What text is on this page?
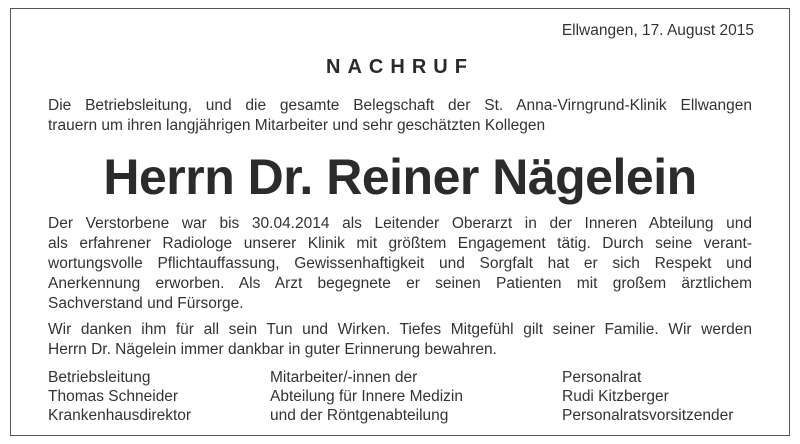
Ellwangen, 17. August 2015
NACHRUF
Die Betriebsleitung, und die gesamte Belegschaft der St. Anna-Virngrund-Klinik Ellwangen
trauern um ihren langjährigen Mitarbeiter und sehr geschätzten Kollegen
Herrn Dr. Reiner Nägelein
Der Verstorbene war bis 30.04.2014 als Leitender Oberarzt in der Inneren Abteilung und
als erfahrener Radiologe unserer Klinik mit größtem Engagement tätig. Durch seine verant-
wortungsvolle Pflichtauffassung, Gewissenhaftigkeit und Sorgfalt hat er sich Respekt und
Anerkennung erworben. Als Arzt begegnete er seinen Patienten mit großem ärztlichem
Sachverstand und Fürsorge.
Wir danken ihm für all sein Tun und Wirken. Tiefes Mitgefühl gilt seiner Familie. Wir werden
Herrn Dr. Nägelein immer dankbar in guter Erinnerung bewahren.
Betriebsleitung
Thomas Schneider
Krankenhausdirektor
Mitarbeiter/-innen der
Abteilung für Innere Medizin
und der Röntgenabteilung
Personalrat
Rudi Kitzberger
Personalratsvorsitzender
